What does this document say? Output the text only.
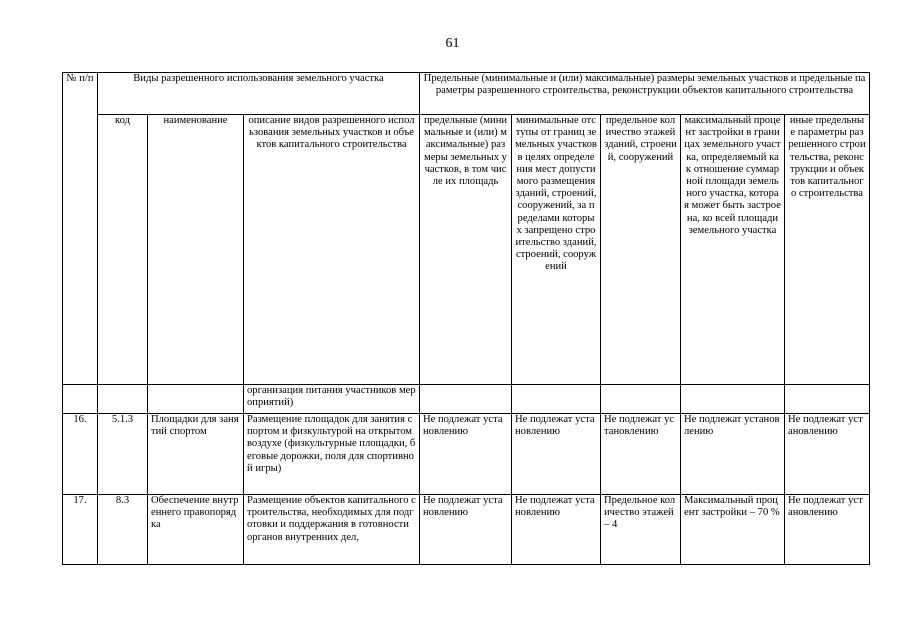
61
№ п/п	Виды разрешенного использования земельного участка			Предельные (минимальные и (или) максимальные) размеры земельных участков и предельные параметры разрешенного строительства, реконструкции объектов капитального строительства				
	код	наименование	описание видов разрешенного использования земельных участков и объектов капитального строительства	предельные (минимальные и (или) максимальные) размеры земельных участков, в том числе их площадь	минимальные отступы от границ земельных участков в целях определения мест допустимого размещения зданий, строений, сооружений, за пределами которых запрещено строительство зданий, строений, сооружений	предельное количество этажей зданий, строений, сооружений	максимальный процент застройки в границах земельного участка, определяемый как отношение суммарной площади земельного участка, которая может быть застроена, ко всей площади земельного участка	иные предельные параметры разрешенного строительства, реконструкции и объектов капитального строительства
			организация питания участников мероприятий)					
16.	5.1.3	Площадки для занятий спортом	Размещение площадок для занятия спортом и физкультурой на открытом воздухе (физкультурные площадки, беговые дорожки, поля для спортивной игры)	Не подлежат установлению	Не подлежат установлению	Не подлежат установлению	Не подлежат установлению	Не подлежат установлению
17.	8.3	Обеспечение внутреннего правопорядка	Размещение объектов капитального строительства, необходимых для подготовки и поддержания в готовности органов внутренних дел,	Не подлежат установлению	Не подлежат установлению	Предельное количество этажей – 4	Максимальный процент застройки – 70 %	Не подлежат установлению
